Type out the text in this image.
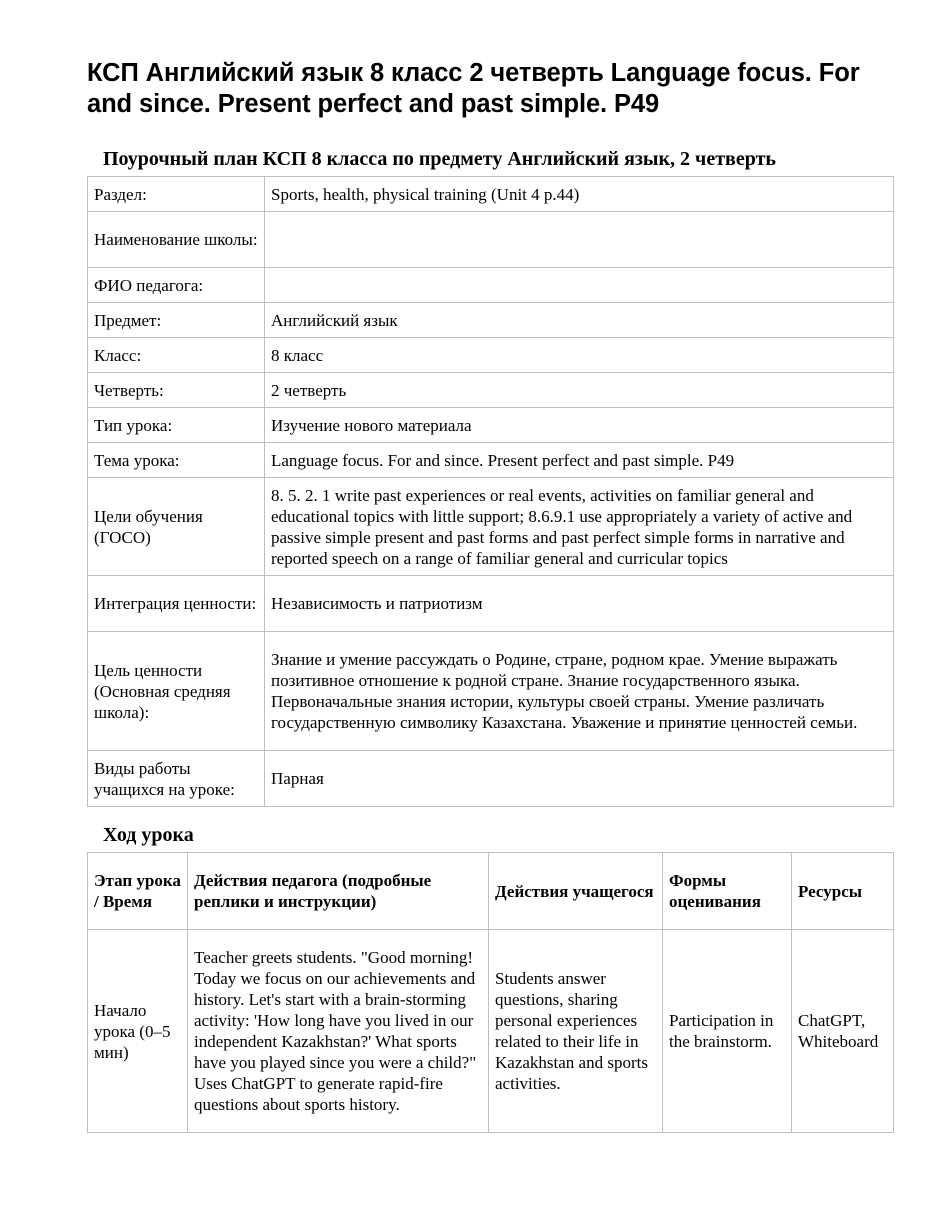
КСП Английский язык 8 класс 2 четверть Language focus. For and since. Present perfect and past simple. P49
Поурочный план КСП 8 класса по предмету Английский язык, 2 четверть
Раздел:	Sports, health, physical training (Unit 4 p.44)
Наименование школы:	
ФИО педагога:	
Предмет:	Английский язык
Класс:	8 класс
Четверть:	2 четверть
Тип урока:	Изучение нового материала
Тема урока:	Language focus. For and since. Present perfect and past simple. P49
Цели обучения (ГОСО)	8. 5. 2. 1 write past experiences or real events, activities on familiar general and educational topics with little support; 8.6.9.1 use appropriately a variety of active and passive simple present and past forms and past perfect simple forms in narrative and reported speech on a range of familiar general and curricular topics
Интеграция ценности:	Независимость и патриотизм
Цель ценности (Основная средняя школа):	Знание и умение рассуждать о Родине, стране, родном крае. Умение выражать позитивное отношение к родной стране. Знание государственного языка. Первоначальные знания истории, культуры своей страны. Умение различать государственную символику Казахстана. Уважение и принятие ценностей семьи.
Виды работы учащихся на уроке:	Парная
Ход урока
Этап урока / Время	Действия педагога (подробные реплики и инструкции)	Действия учащегося	Формы оценивания	Ресурсы
Начало урока (0–5 мин)	Teacher greets students. "Good morning! Today we focus on our achievements and history. Let's start with a brain-storming activity: 'How long have you lived in our independent Kazakhstan?' What sports have you played since you were a child?" Uses ChatGPT to generate rapid-fire questions about sports history.	Students answer questions, sharing personal experiences related to their life in Kazakhstan and sports activities.	Participation in the brainstorm.	ChatGPT, Whiteboard
